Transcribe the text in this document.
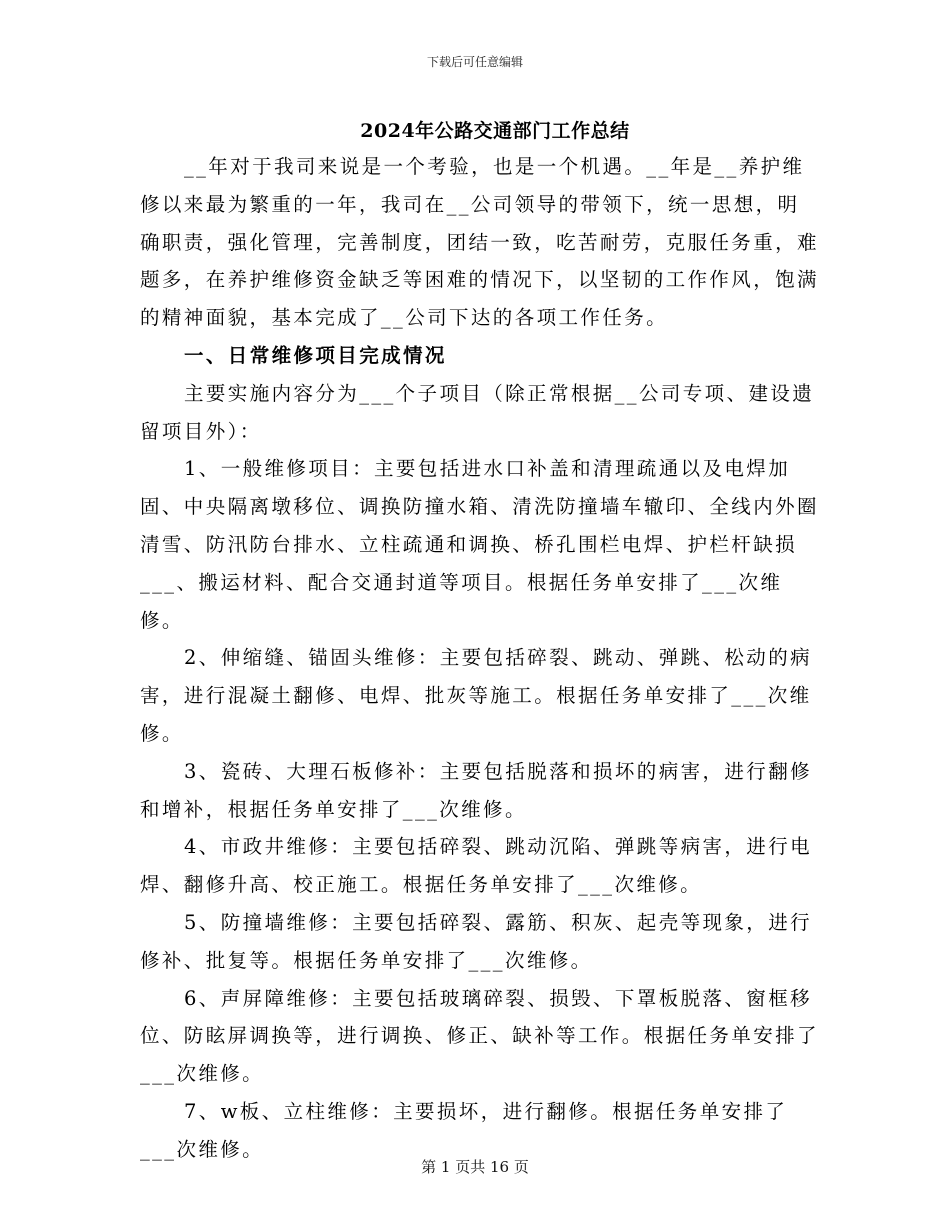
下载后可任意编辑
2024年公路交通部门工作总结

__年对于我司来说是一个考验，也是一个机遇。__年是__养护维修以来最为繁重的一年，我司在__公司领导的带领下，统一思想，明确职责，强化管理，完善制度，团结一致，吃苦耐劳，克服任务重，难题多，在养护维修资金缺乏等困难的情况下，以坚韧的工作作风，饱满的精神面貌，基本完成了__公司下达的各项工作任务。

一、日常维修项目完成情况

主要实施内容分为___个子项目（除正常根据__公司专项、建设遗留项目外）：

1、一般维修项目：主要包括进水口补盖和清理疏通以及电焊加固、中央隔离墩移位、调换防撞水箱、清洗防撞墙车辙印、全线内外圈清雪、防汛防台排水、立柱疏通和调换、桥孔围栏电焊、护栏杆缺损___、搬运材料、配合交通封道等项目。根据任务单安排了___次维修。

2、伸缩缝、锚固头维修：主要包括碎裂、跳动、弹跳、松动的病害，进行混凝土翻修、电焊、批灰等施工。根据任务单安排了___次维修。

3、瓷砖、大理石板修补：主要包括脱落和损坏的病害，进行翻修和增补，根据任务单安排了___次维修。

4、市政井维修：主要包括碎裂、跳动沉陷、弹跳等病害，进行电焊、翻修升高、校正施工。根据任务单安排了___次维修。

5、防撞墙维修：主要包括碎裂、露筋、积灰、起壳等现象，进行修补、批复等。根据任务单安排了___次维修。

6、声屏障维修：主要包括玻璃碎裂、损毁、下罩板脱落、窗框移位、防眩屏调换等，进行调换、修正、缺补等工作。根据任务单安排了___次维修。

7、w板、立柱维修：主要损坏，进行翻修。根据任务单安排了___次维修。

第 1 页共 16 页
